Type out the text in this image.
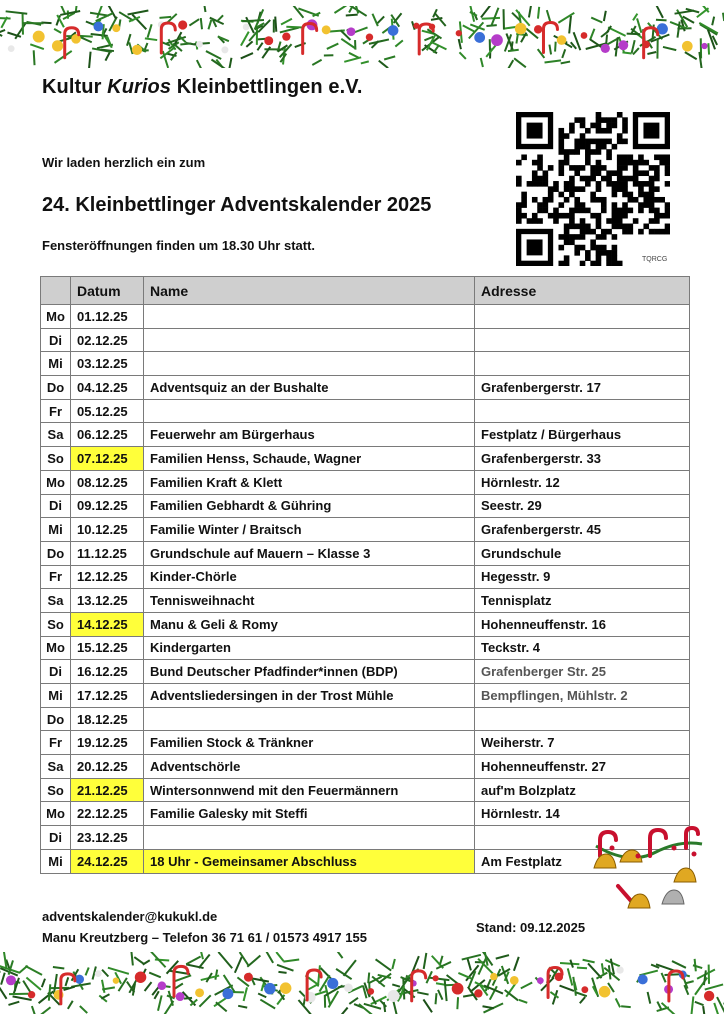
Kultur Kurios Kleinbettlingen e.V.
Wir laden herzlich ein zum
24. Kleinbettlinger Adventskalender 2025
Fensteröffnungen finden um 18.30 Uhr statt.
TQRCG
	Datum	Name	Adresse
Mo	01.12.25		
Di	02.12.25		
Mi	03.12.25		
Do	04.12.25	Adventsquiz an der Bushalte	Grafenbergerstr. 17
Fr	05.12.25		
Sa	06.12.25	Feuerwehr am Bürgerhaus	Festplatz / Bürgerhaus
So	07.12.25	Familien Henss, Schaude, Wagner	Grafenbergerstr. 33
Mo	08.12.25	Familien Kraft & Klett	Hörnlestr. 12
Di	09.12.25	Familien Gebhardt & Gühring	Seestr. 29
Mi	10.12.25	Familie Winter / Braitsch	Grafenbergerstr. 45
Do	11.12.25	Grundschule auf Mauern – Klasse 3	Grundschule
Fr	12.12.25	Kinder-Chörle	Hegesstr. 9
Sa	13.12.25	Tennisweihnacht	Tennisplatz
So	14.12.25	Manu & Geli & Romy	Hohenneuffenstr. 16
Mo	15.12.25	Kindergarten	Teckstr. 4
Di	16.12.25	Bund Deutscher Pfadfinder*innen (BDP)	Grafenberger Str. 25
Mi	17.12.25	Adventsliedersingen in der Trost Mühle	Bempflingen, Mühlstr. 2
Do	18.12.25		
Fr	19.12.25	Familien Stock & Tränkner	Weiherstr. 7
Sa	20.12.25	Adventschörle	Hohenneuffenstr. 27
So	21.12.25	Wintersonnwend mit den Feuermännern	auf'm Bolzplatz
Mo	22.12.25	Familie Galesky mit Steffi	Hörnlestr. 14
Di	23.12.25		
Mi	24.12.25	18 Uhr - Gemeinsamer Abschluss	Am Festplatz
adventskalender@kukukl.de
Manu Kreutzberg – Telefon 36 71 61 / 01573 4917 155
Stand: 09.12.2025
